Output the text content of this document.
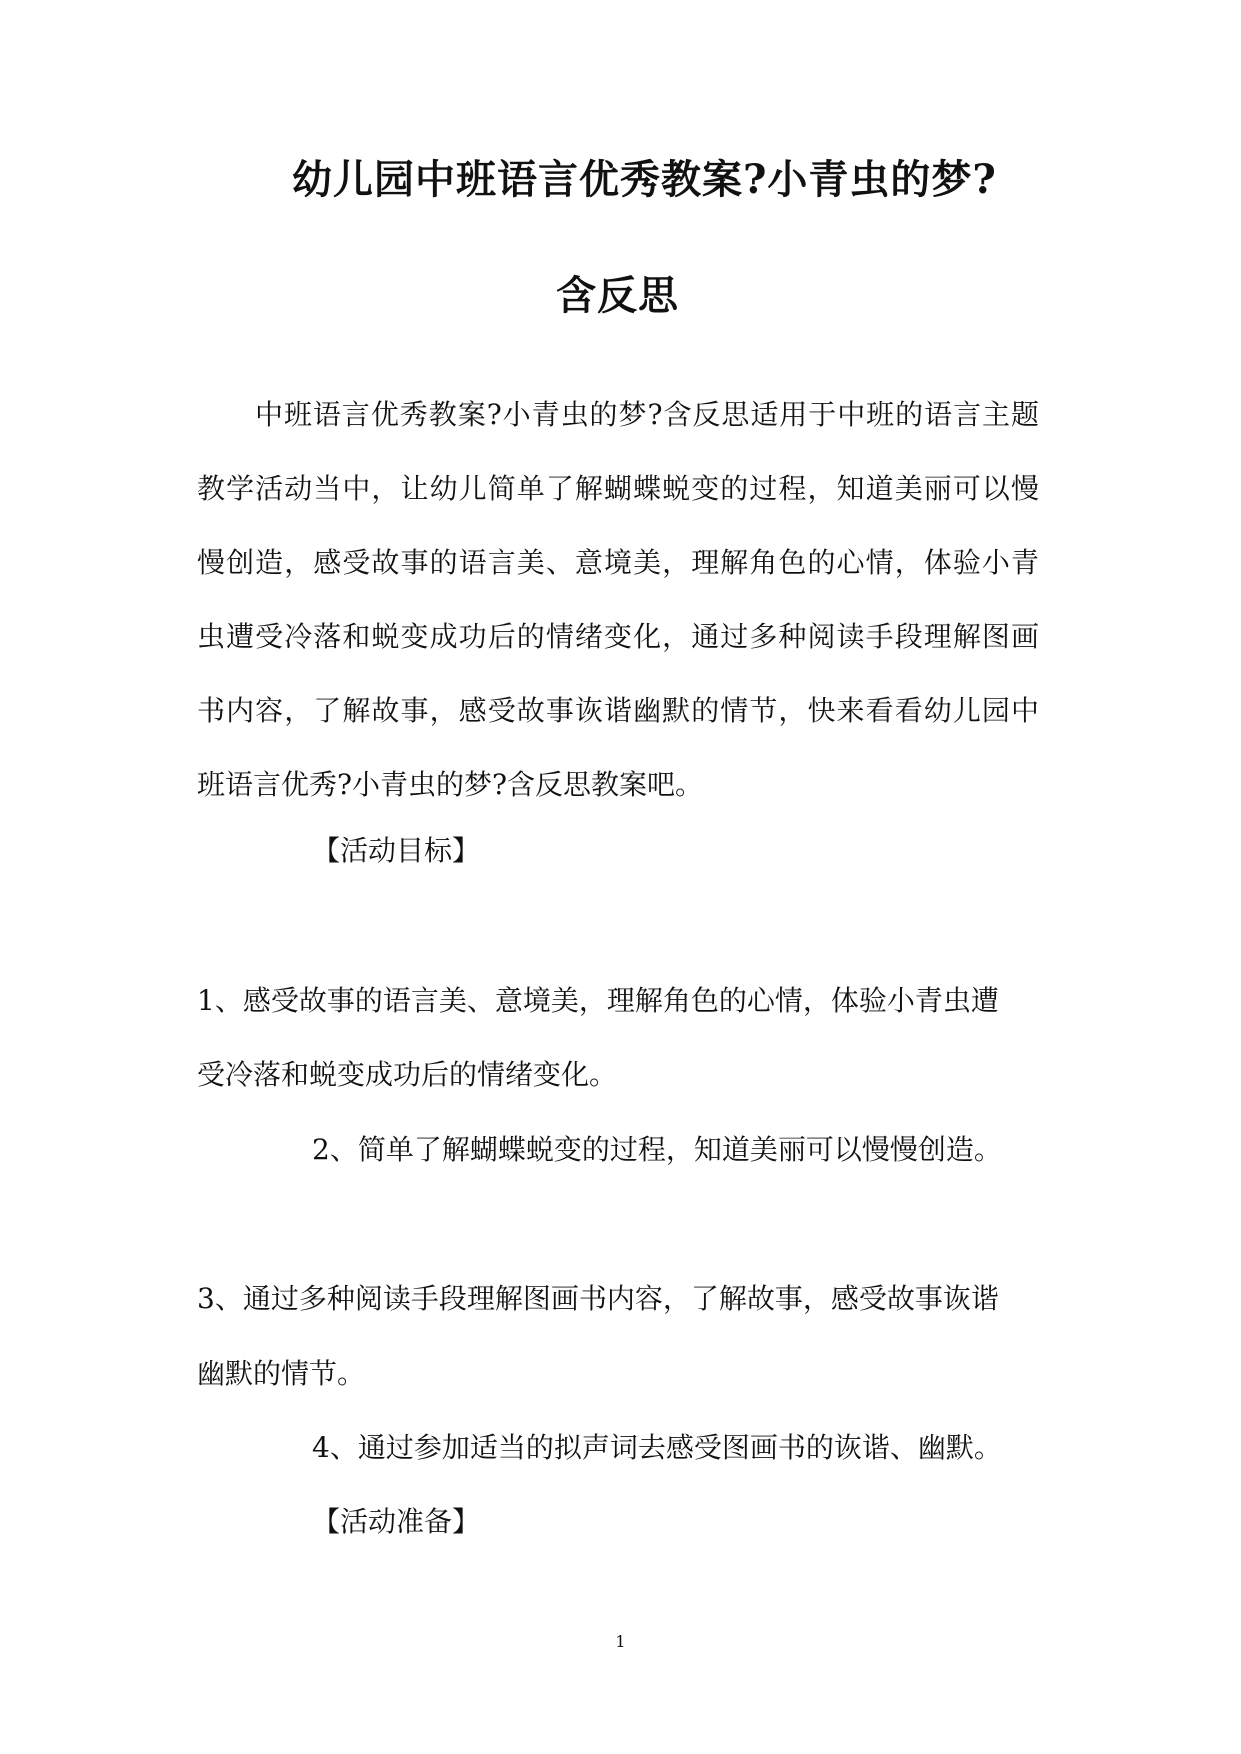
幼儿园中班语言优秀教案?小青虫的梦?
含反思
中班语言优秀教案?小青虫的梦?含反思适用于中班的语言主题
教学活动当中，让幼儿简单了解蝴蝶蜕变的过程，知道美丽可以慢
慢创造，感受故事的语言美、意境美，理解角色的心情，体验小青
虫遭受冷落和蜕变成功后的情绪变化，通过多种阅读手段理解图画
书内容，了解故事，感受故事诙谐幽默的情节，快来看看幼儿园中
班语言优秀?小青虫的梦?含反思教案吧。
【活动目标】
1、感受故事的语言美、意境美，理解角色的心情，体验小青虫遭
受冷落和蜕变成功后的情绪变化。
2、简单了解蝴蝶蜕变的过程，知道美丽可以慢慢创造。
3、通过多种阅读手段理解图画书内容，了解故事，感受故事诙谐
幽默的情节。
4、通过参加适当的拟声词去感受图画书的诙谐、幽默。
【活动准备】
1
